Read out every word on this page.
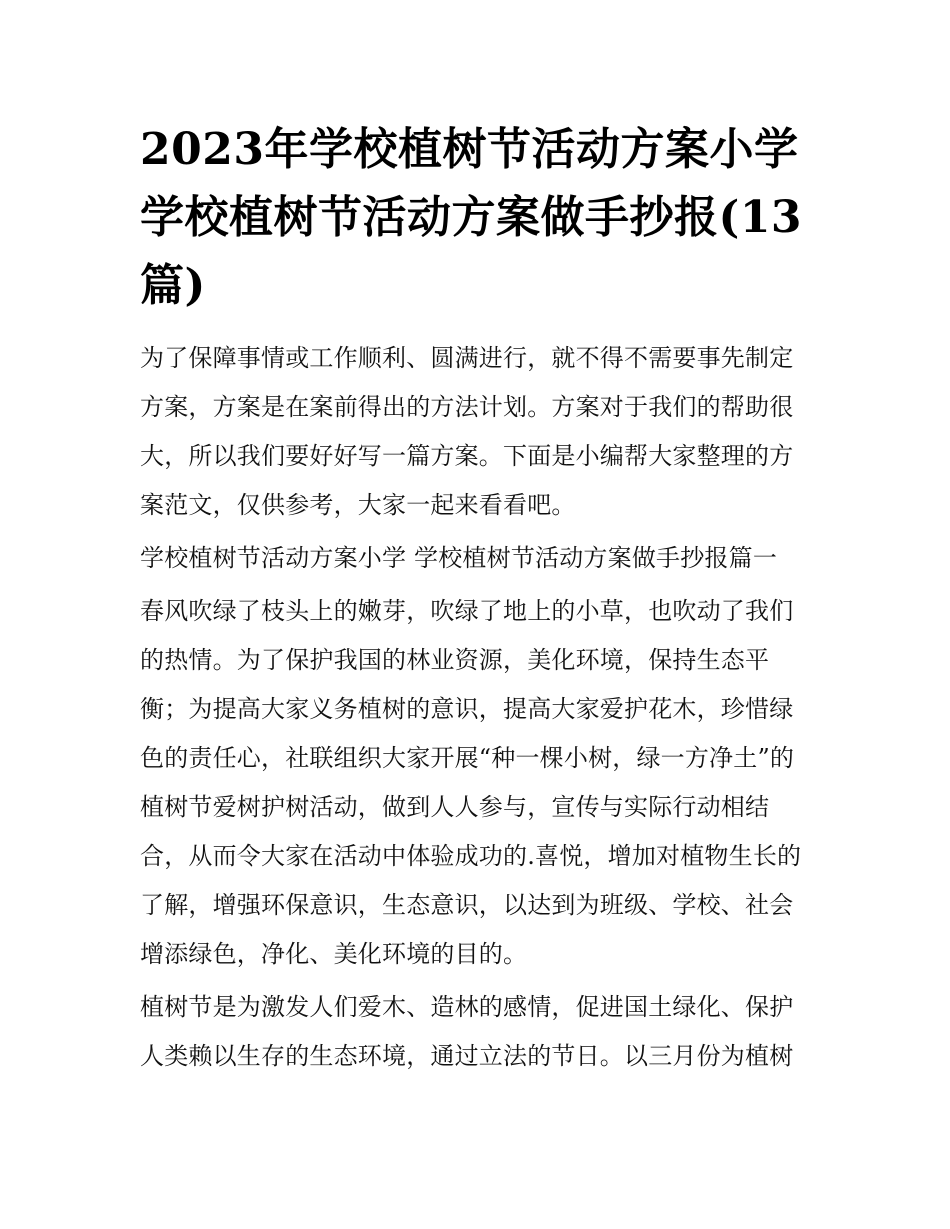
2023年学校植树节活动方案小学 学校植树节活动方案做手抄报(13篇)

为了保障事情或工作顺利、圆满进行，就不得不需要事先制定方案，方案是在案前得出的方法计划。方案对于我们的帮助很大，所以我们要好好写一篇方案。下面是小编帮大家整理的方案范文，仅供参考，大家一起来看看吧。

学校植树节活动方案小学 学校植树节活动方案做手抄报篇一

春风吹绿了枝头上的嫩芽，吹绿了地上的小草，也吹动了我们的热情。为了保护我国的林业资源，美化环境，保持生态平衡；为提高大家义务植树的意识，提高大家爱护花木，珍惜绿色的责任心，社联组织大家开展“种一棵小树，绿一方净土”的植树节爱树护树活动，做到人人参与，宣传与实际行动相结合，从而令大家在活动中体验成功的.喜悦，增加对植物生长的了解，增强环保意识，生态意识，以达到为班级、学校、社会增添绿色，净化、美化环境的目的。

植树节是为激发人们爱木、造林的感情，促进国土绿化、保护人类赖以生存的生态环境，通过立法的节日。以三月份为植树
